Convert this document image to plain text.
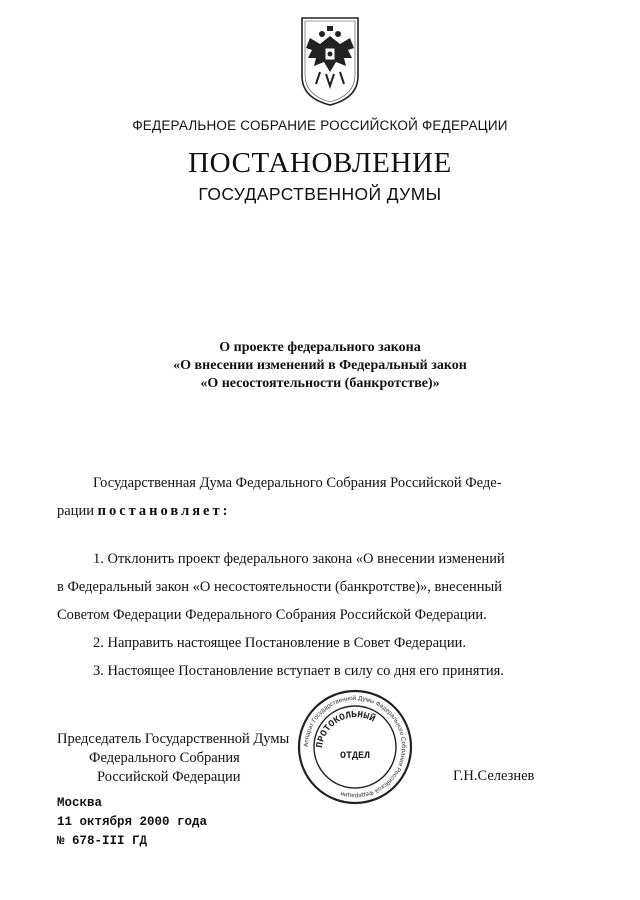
ФЕДЕРАЛЬНОЕ СОБРАНИЕ РОССИЙСКОЙ ФЕДЕРАЦИИ
ПОСТАНОВЛЕНИЕ
ГОСУДАРСТВЕННОЙ ДУМЫ
О проекте федерального закона
«О внесении изменений в Федеральный закон
«О несостоятельности (банкротстве)»
Государственная Дума Федерального Собрания Российской Феде-
рации постановляет:
1. Отклонить проект федерального закона «О внесении изменений
в Федеральный закон «О несостоятельности (банкротстве)», внесенный
Советом Федерации Федерального Собрания Российской Федерации.
2. Направить настоящее Постановление в Совет Федерации.
3. Настоящее Постановление вступает в силу со дня его принятия.
Председатель Государственной Думы
Федерального Собрания
Российской Федерации
Аппарат Государственной Думы Федерального Собрания Российской Федерации
ПРОТОКОЛЬНЫЙ
ОТДЕЛ
Г.Н.Селезнев
Москва
11 октября 2000 года
№ 678-III ГД
